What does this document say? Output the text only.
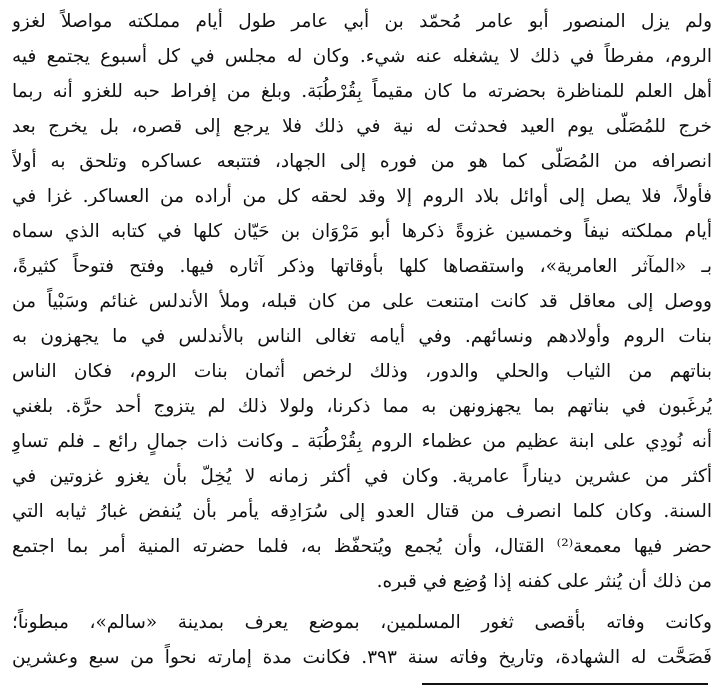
ولم يزل المنصور أبو عامر مُحمّد بن أبي عامر طول أيام مملكته مواصلاً لغزو
الروم، مفرطاً في ذلك لا يشغله عنه شيء. وكان له مجلس في كل أسبوع يجتمع فيه
أهل العلم للمناظرة بحضرته ما كان مقيماً بِقُرْطُبَة. وبلغ من إفراط حبه للغزو أنه ربما
خرج للمُصَلّى يوم العيد فحدثت له نية في ذلك فلا يرجع إلى قصره، بل يخرج بعد
انصرافه من المُصَلّى كما هو من فوره إلى الجهاد، فتتبعه عساكره وتلحق به أولاً
فأولاً، فلا يصل إلى أوائل بلاد الروم إلا وقد لحقه كل من أراده من العساكر. غزا في
أيام مملكته نيفاً وخمسين غزوةً ذكرها أبو مَرْوَان بن حَيّان كلها في كتابه الذي سماه
بـ «المآثر العامرية»، واستقصاها كلها بأوقاتها وذكر آثاره فيها. وفتح فتوحاً كثيرةً،
ووصل إلى معاقل قد كانت امتنعت على من كان قبله، وملأ الأندلس غنائم وسَبْياً من
بنات الروم وأولادهم ونسائهم. وفي أيامه تغالى الناس بالأندلس في ما يجهزون به
بناتهم من الثياب والحلي والدور، وذلك لرخص أثمان بنات الروم، فكان الناس
يُرغَبون في بناتهم بما يجهزونهن به مما ذكرنا، ولولا ذلك لم يتزوج أحد حرَّة. بلغني
أنه نُودِي على ابنة عظيم من عظماء الروم بِقُرْطُبَة ـ وكانت ذات جمالٍ رائع ـ فلم تساوِ
أكثر من عشرين ديناراً عامرية. وكان في أكثر زمانه لا يُخِلّ بأن يغزو غزوتين في
السنة. وكان كلما انصرف من قتال العدو إلى سُرَادِقه يأمر بأن يُنفض غبارُ ثيابه التي
حضر فيها معمعة⁽²⁾ القتال، وأن يُجمع ويُتحفّظ به، فلما حضرته المنية أمر بما اجتمع
من ذلك أن يُنثر على كفنه إذا وُضِع في قبره.
وكانت وفاته بأقصى ثغور المسلمين، بموضع يعرف بمدينة «سالم»، مبطوناً؛
فَصَحَّت له الشهادة، وتاريخ وفاته سنة ٣٩٣. فكانت مدة إمارته نحواً من سبع وعشرين
